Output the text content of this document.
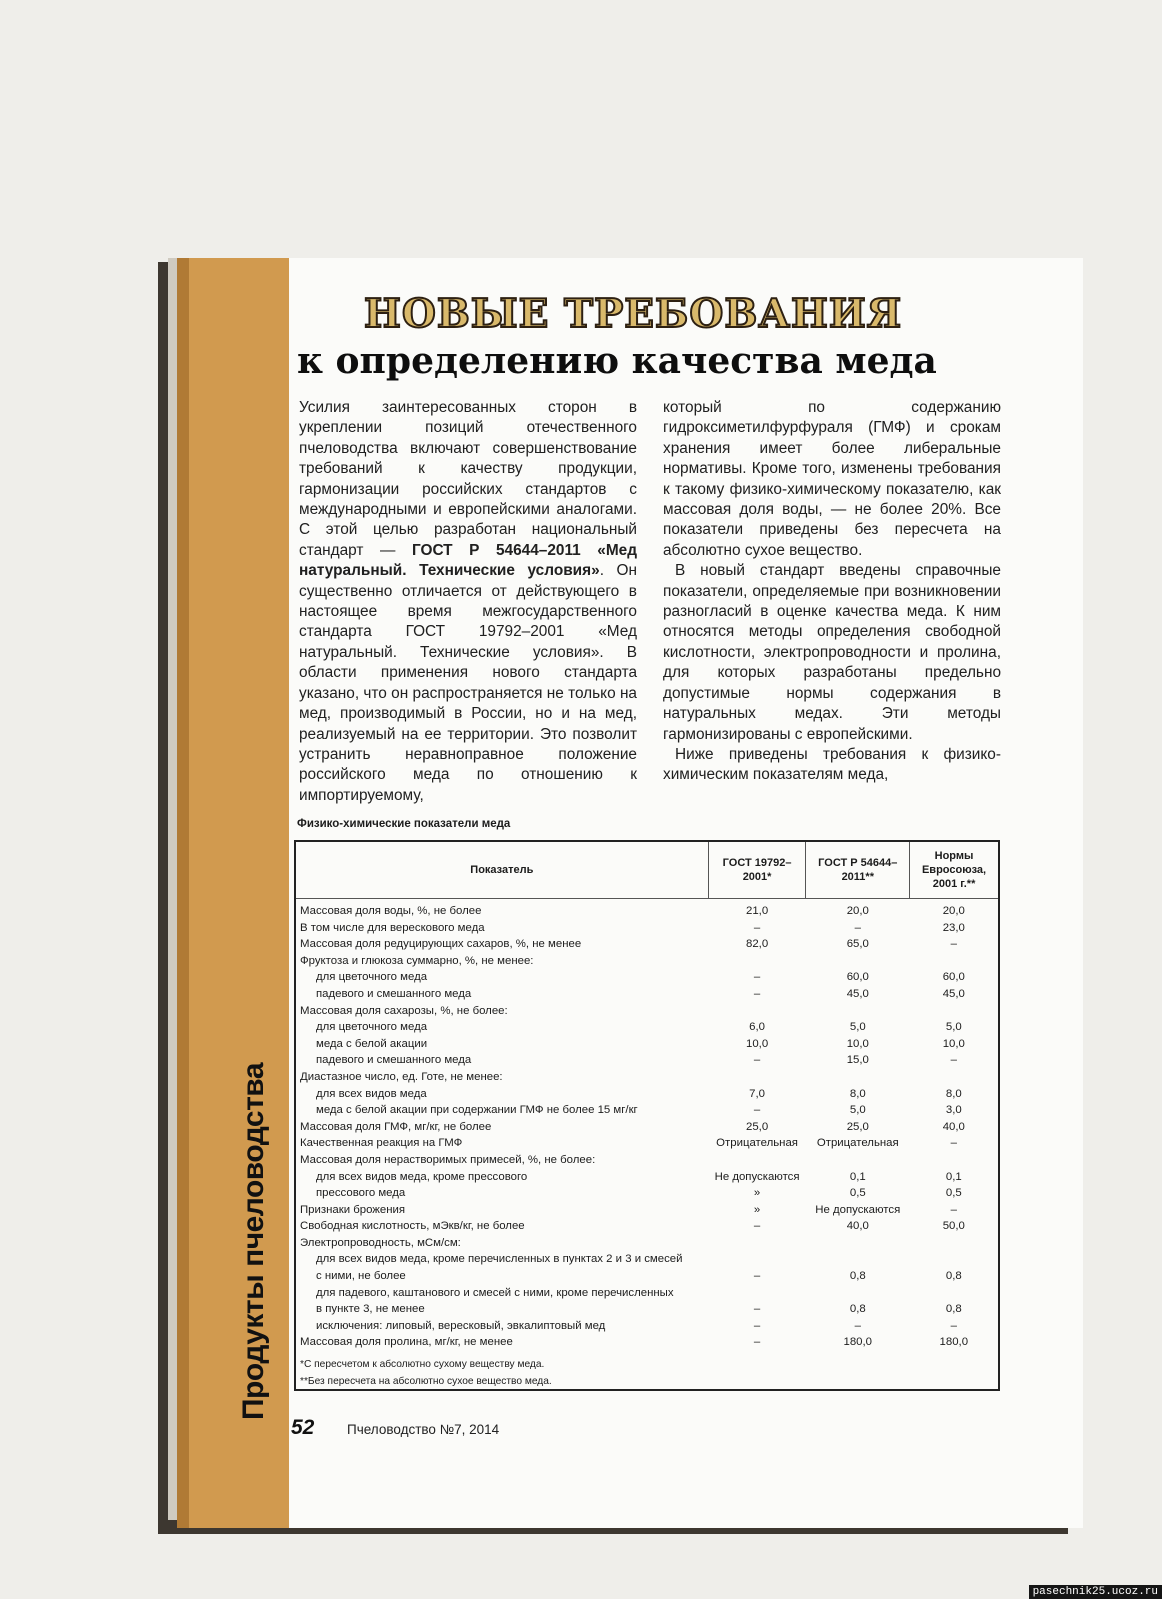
Продукты пчеловодства
НОВЫЕ ТРЕБОВАНИЯ
к определению качества меда

Усилия заинтересованных сторон в укреплении позиций отечественного пчеловодства включают совершенствование требований к качеству продукции, гармонизации российских стандартов с международными и европейскими аналогами. С этой целью разработан национальный стандарт — ГОСТ Р 54644–2011 «Мед натуральный. Технические условия». Он существенно отличается от действующего в настоящее время межгосударственного стандарта ГОСТ 19792–2001 «Мед натуральный. Технические условия». В области применения нового стандарта указано, что он распространяется не только на мед, производимый в России, но и на мед, реализуемый на ее территории. Это позволит устранить неравноправное положение российского меда по отношению к импортируемому,

который по содержанию гидроксиметилфурфураля (ГМФ) и срокам хранения имеет более либеральные нормативы. Кроме того, изменены требования к такому физико-химическому показателю, как массовая доля воды, — не более 20%. Все показатели приведены без пересчета на абсолютно сухое вещество.

В новый стандарт введены справочные показатели, определяемые при возникновении разногласий в оценке качества меда. К ним относятся методы определения свободной кислотности, электропроводности и пролина, для которых разработаны предельно допустимые нормы содержания в натуральных медах. Эти методы гармонизированы с европейскими.

Ниже приведены требования к физико-химическим показателям меда,

Физико-химические показатели меда
Показатель	ГОСТ 19792–2001*	ГОСТ Р 54644–2011**	Нормы Евросоюза, 2001 г.**
Массовая доля воды, %, не более	21,0	20,0	20,0
В том числе для верескового меда	–	–	23,0
Массовая доля редуцирующих сахаров, %, не менее	82,0	65,0	–
Фруктоза и глюкоза суммарно, %, не менее:			
для цветочного меда	–	60,0	60,0
падевого и смешанного меда	–	45,0	45,0
Массовая доля сахарозы, %, не более:			
для цветочного меда	6,0	5,0	5,0
меда с белой акации	10,0	10,0	10,0
падевого и смешанного меда	–	15,0	–
Диастазное число, ед. Готе, не менее:			
для всех видов меда	7,0	8,0	8,0
меда с белой акации при содержании ГМФ не более 15 мг/кг	–	5,0	3,0
Массовая доля ГМФ, мг/кг, не более	25,0	25,0	40,0
Качественная реакция на ГМФ	Отрицательная	Отрицательная	–
Массовая доля нерастворимых примесей, %, не более:			
для всех видов меда, кроме прессового	Не допускаются	0,1	0,1
прессового меда	»	0,5	0,5
Признаки брожения	»	Не допускаются	–
Свободная кислотность, мЭкв/кг, не более	–	40,0	50,0
Электропроводность, мСм/см:			
для всех видов меда, кроме перечисленных в пунктах 2 и 3 и смесей			
с ними, не более	–	0,8	0,8
для падевого, каштанового и смесей с ними, кроме перечисленных			
в пункте 3, не менее	–	0,8	0,8
исключения: липовый, вересковый, эвкалиптовый мед	–	–	–
Массовая доля пролина, мг/кг, не менее	–	180,0	180,0
*С пересчетом к абсолютно сухому веществу меда.			
**Без пересчета на абсолютно сухое вещество меда.			
52 Пчеловодство №7, 2014
pasechnik25.ucoz.ru
